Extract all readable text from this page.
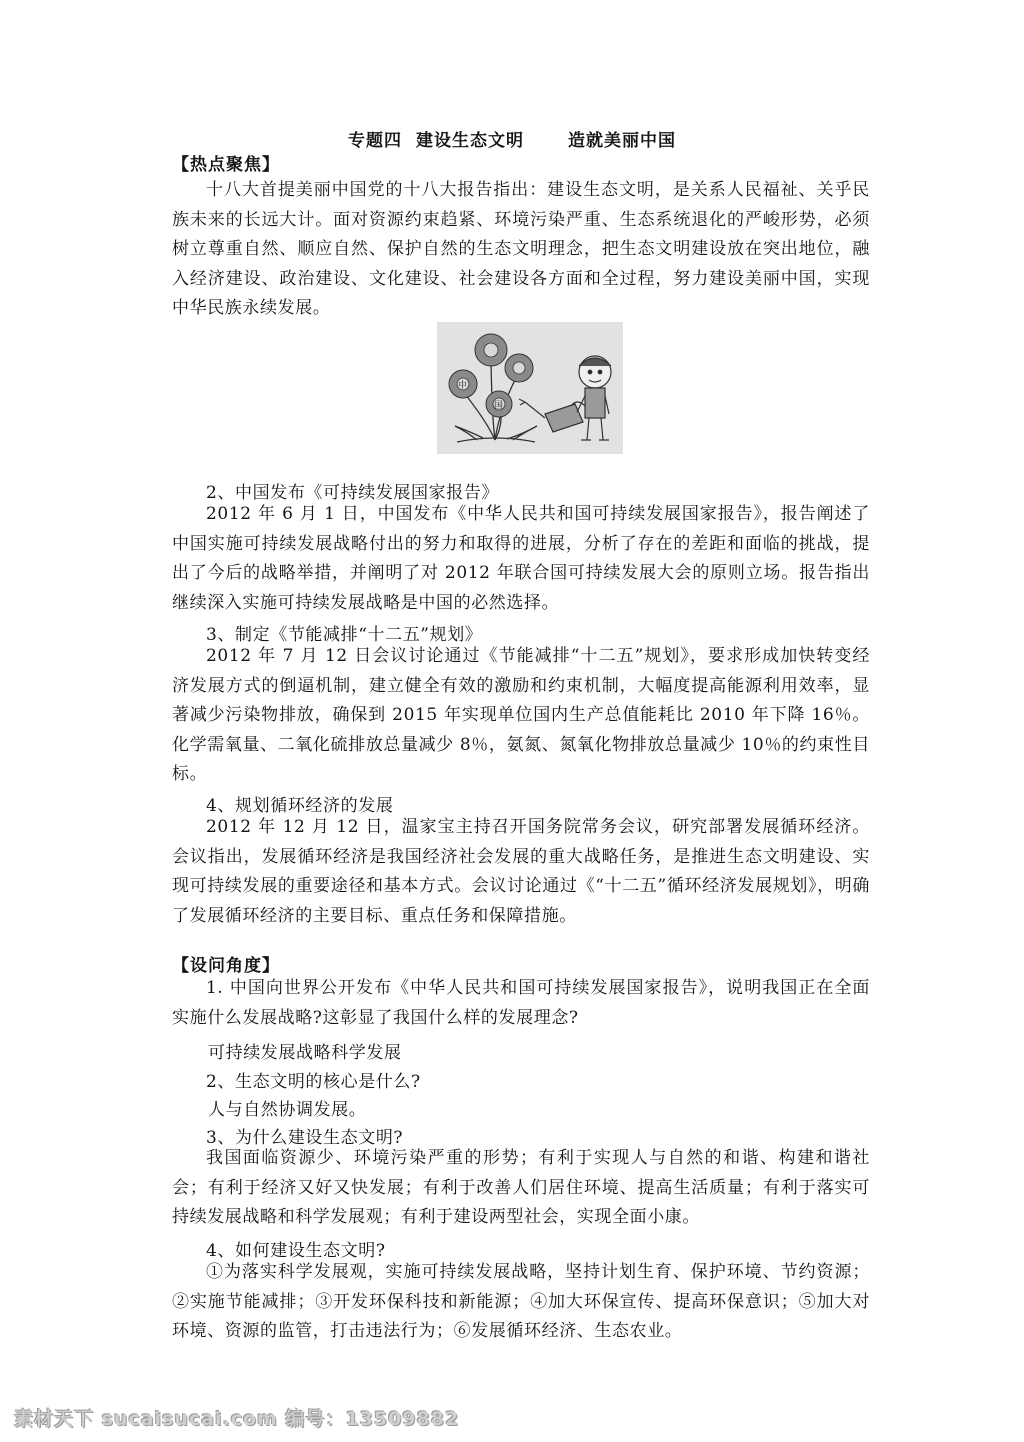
专题四 建设生态文明	造就美丽中国
【热点聚焦】

十八大首提美丽中国党的十八大报告指出：建设生态文明，是关系人民福祉、关乎民族未来的长远大计。面对资源约束趋紧、环境污染严重、生态系统退化的严峻形势，必须树立尊重自然、顺应自然、保护自然的生态文明理念，把生态文明建设放在突出地位，融入经济建设、政治建设、文化建设、社会建设各方面和全过程，努力建设美丽中国，实现中华民族永续发展。

中
国
2、中国发布《可持续发展国家报告》

2012 年 6 月 1 日，中国发布《中华人民共和国可持续发展国家报告》，报告阐述了中国实施可持续发展战略付出的努力和取得的进展，分析了存在的差距和面临的挑战，提出了今后的战略举措，并阐明了对 2012 年联合国可持续发展大会的原则立场。报告指出继续深入实施可持续发展战略是中国的必然选择。

3、制定《节能减排“十二五”规划》

2012 年 7 月 12 日会议讨论通过《节能减排“十二五”规划》，要求形成加快转变经济发展方式的倒逼机制，建立健全有效的激励和约束机制，大幅度提高能源利用效率，显著减少污染物排放，确保到 2015 年实现单位国内生产总值能耗比 2010 年下降 16％。化学需氧量、二氧化硫排放总量减少 8％，氨氮、氮氧化物排放总量减少 10％的约束性目标。

4、规划循环经济的发展

2012 年 12 月 12 日，温家宝主持召开国务院常务会议，研究部署发展循环经济。会议指出，发展循环经济是我国经济社会发展的重大战略任务，是推进生态文明建设、实现可持续发展的重要途径和基本方式。会议讨论通过《“十二五”循环经济发展规划》，明确了发展循环经济的主要目标、重点任务和保障措施。

【设问角度】

1. 中国向世界公开发布《中华人民共和国可持续发展国家报告》，说明我国正在全面实施什么发展战略?这彰显了我国什么样的发展理念?

可持续发展战略科学发展
2、生态文明的核心是什么?
人与自然协调发展。
3、为什么建设生态文明?

我国面临资源少、环境污染严重的形势；有利于实现人与自然的和谐、构建和谐社会；有利于经济又好又快发展；有利于改善人们居住环境、提高生活质量；有利于落实可持续发展战略和科学发展观；有利于建设两型社会，实现全面小康。

4、如何建设生态文明?

①为落实科学发展观，实施可持续发展战略，坚持计划生育、保护环境、节约资源；②实施节能减排；③开发环保科技和新能源；④加大环保宣传、提高环保意识；⑤加大对环境、资源的监管，打击违法行为；⑥发展循环经济、生态农业。

素材天下 sucaisucai.com 编号：13509882
